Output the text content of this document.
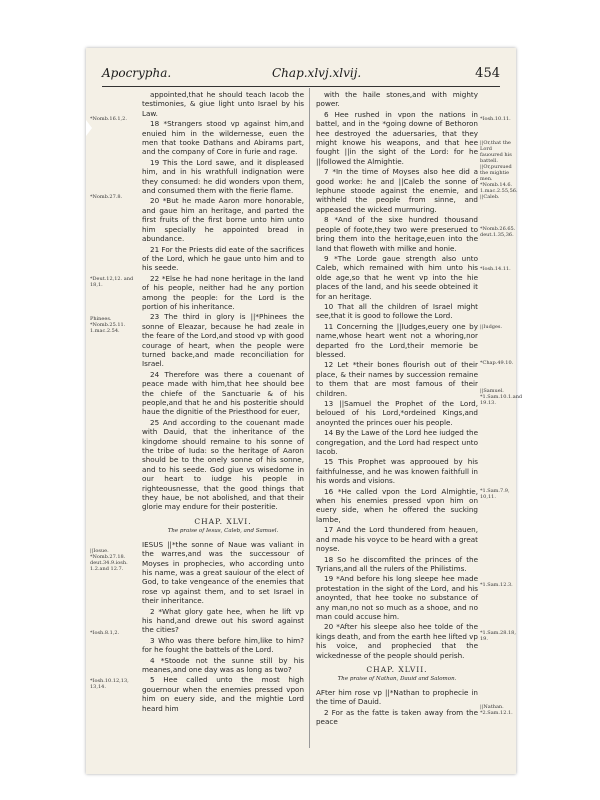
Apocrypha.	Chap.xlvj.xlvij.	454
*Nomb.16.1,2.
*Nomb.27.8.
*Deut.12,12. and 18,1.
Phinees. *Nomb.25.11. 1.mac.2.54.
||Iosue. *Nomb.27.18. deut.34.9.iosh. 1.2.and 12.7.
*Iosh.8.1,2.
*Iosh.10.12,13, 13,14.
*Iosh.10.11.
||Or,that the Lord fauoured his battell. ||Or,pursued the mightie men. *Nomb.14.6. 1.mac.2.55,56. ||Caleb.
*Nomb.26.65. deut.1.35,36.
*Iosh.14.11.
||Iudges.
*Chap.49.10.
||Samuel. *1.Sam.10.1.and 19.13.
*1.Sam.7.9, 10,11.
*1.Sam.12.3.
*1.Sam.28.18, 19.
||Nathan. *2.Sam.12.1.

appointed,that he should teach Iacob the testimonies, & giue light unto Israel by his Law.

18 *Strangers stood vp against him,and enuied him in the wildernesse, euen the men that tooke Dathans and Abirams part, and the company of Core in furie and rage.

19 This the Lord sawe, and it displeased him, and in his wrathfull indignation were they consumed: he did wonders vpon them, and consumed them with the fierie flame.

20 *But he made Aaron more honorable, and gaue him an heritage, and parted the first fruits of the first borne unto him unto him specially he appointed bread in abundance.

21 For the Priests did eate of the sacrifices of the Lord, which he gaue unto him and to his seede.

22 *Else he had none heritage in the land of his people, neither had he any portion among the people: for the Lord is the portion of his inheritance.

23 The third in glory is ||*Phinees the sonne of Eleazar, because he had zeale in the feare of the Lord,and stood vp with good courage of heart, when the people were turned backe,and made reconciliation for Israel.

24 Therefore was there a couenant of peace made with him,that hee should bee the chiefe of the Sanctuarie & of his people,and that he and his posteritie should haue the dignitie of the Priesthood for euer,

25 And according to the couenant made with Dauid, that the inheritance of the kingdome should remaine to his sonne of the tribe of Iuda: so the heritage of Aaron should be to the onely sonne of his sonne, and to his seede. God giue vs wisedome in our heart to iudge his people in righteousnesse, that the good things that they haue, be not abolished, and that their glorie may endure for their posteritie.

CHAP. XLVI.
The praise of Iesus, Caleb, and Samuel.

IESUS ||*the sonne of Naue was valiant in the warres,and was the successour of Moyses in prophecies, who according unto his name, was a great sauiour of the elect of God, to take vengeance of the enemies that rose vp against them, and to set Israel in their inheritance.

2 *What glory gate hee, when he lift vp his hand,and drewe out his sword against the cities?

3 Who was there before him,like to him? for he fought the battels of the Lord.

4 *Stoode not the sunne still by his meanes,and one day was as long as two?

5 Hee called unto the most high gouernour when the enemies pressed vpon him on euery side, and the mightie Lord heard him

with the haile stones,and with mighty power.

6 Hee rushed in vpon the nations in battel, and in the *going downe of Bethoron hee destroyed the aduersaries, that they might knowe his weapons, and that hee fought ||in the sight of the Lord: for he ||followed the Almightie.

7 *In the time of Moyses also hee did a good worke: he and ||Caleb the sonne of Iephune stoode against the enemie, and withheld the people from sinne, and appeased the wicked murmuring.

8 *And of the sixe hundred thousand people of foote,they two were preserued to bring them into the heritage,euen into the land that floweth with milke and honie.

9 *The Lorde gaue strength also unto Caleb, which remained with him unto his olde age,so that he went vp into the hie places of the land, and his seede obteined it for an heritage.

10 That all the children of Israel might see,that it is good to followe the Lord.

11 Concerning the ||Iudges,euery one by name,whose heart went not a whoring,nor departed fro the Lord,their memorie be blessed.

12 Let *their bones flourish out of their place, & their names by succession remaine to them that are most famous of their children.

13 ||Samuel the Prophet of the Lord, beloued of his Lord,*ordeined Kings,and anoynted the princes ouer his people.

14 By the Lawe of the Lord hee iudged the congregation, and the Lord had respect unto Iacob.

15 This Prophet was approoued by his faithfulnesse, and he was knowen faithfull in his words and visions.

16 *He called vpon the Lord Almightie, when his enemies pressed vpon him on euery side, when he offered the sucking lambe,

17 And the Lord thundered from heauen, and made his voyce to be heard with a great noyse.

18 So he discomfited the princes of the Tyrians,and all the rulers of the Philistims.

19 *And before his long sleepe hee made protestation in the sight of the Lord, and his anoynted, that hee tooke no substance of any man,no not so much as a shooe, and no man could accuse him.

20 *After his sleepe also hee tolde of the kings death, and from the earth hee lifted vp his voice, and prophecied that the wickednesse of the people should perish.

CHAP. XLVII.
The praise of Nathan, Dauid and Salomon.

AFter him rose vp ||*Nathan to prophecie in the time of Dauid.

2 For as the fatte is taken away from the peace
